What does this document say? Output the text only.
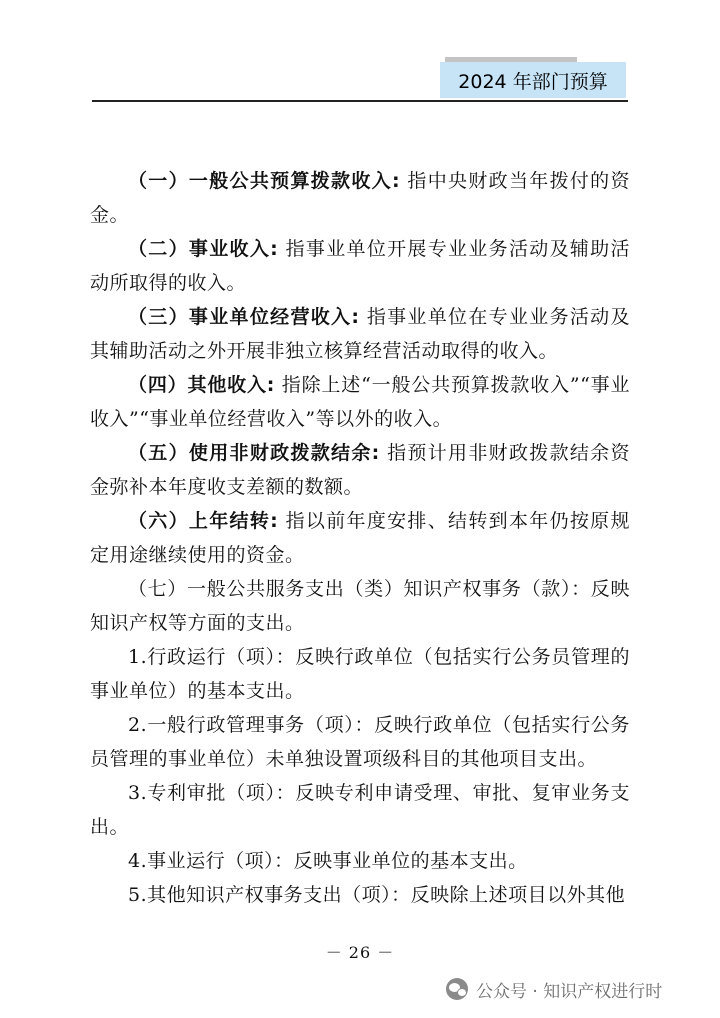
2024 年部门预算

（一）一般公共预算拨款收入: 指中央财政当年拨付的资金。

（二）事业收入: 指事业单位开展专业业务活动及辅助活动所取得的收入。

（三）事业单位经营收入: 指事业单位在专业业务活动及其辅助活动之外开展非独立核算经营活动取得的收入。

（四）其他收入: 指除上述“一般公共预算拨款收入”“事业收入”“事业单位经营收入”等以外的收入。

（五）使用非财政拨款结余: 指预计用非财政拨款结余资金弥补本年度收支差额的数额。

（六）上年结转: 指以前年度安排、结转到本年仍按原规定用途继续使用的资金。

（七）一般公共服务支出（类）知识产权事务（款）：反映知识产权等方面的支出。

1.行政运行（项）：反映行政单位（包括实行公务员管理的事业单位）的基本支出。

2.一般行政管理事务（项）：反映行政单位（包括实行公务员管理的事业单位）未单独设置项级科目的其他项目支出。

3.专利审批（项）：反映专利申请受理、审批、复审业务支出。

4.事业运行（项）：反映事业单位的基本支出。

5.其他知识产权事务支出（项）：反映除上述项目以外其他

－ 26 －
公众号 · 知识产权进行时
